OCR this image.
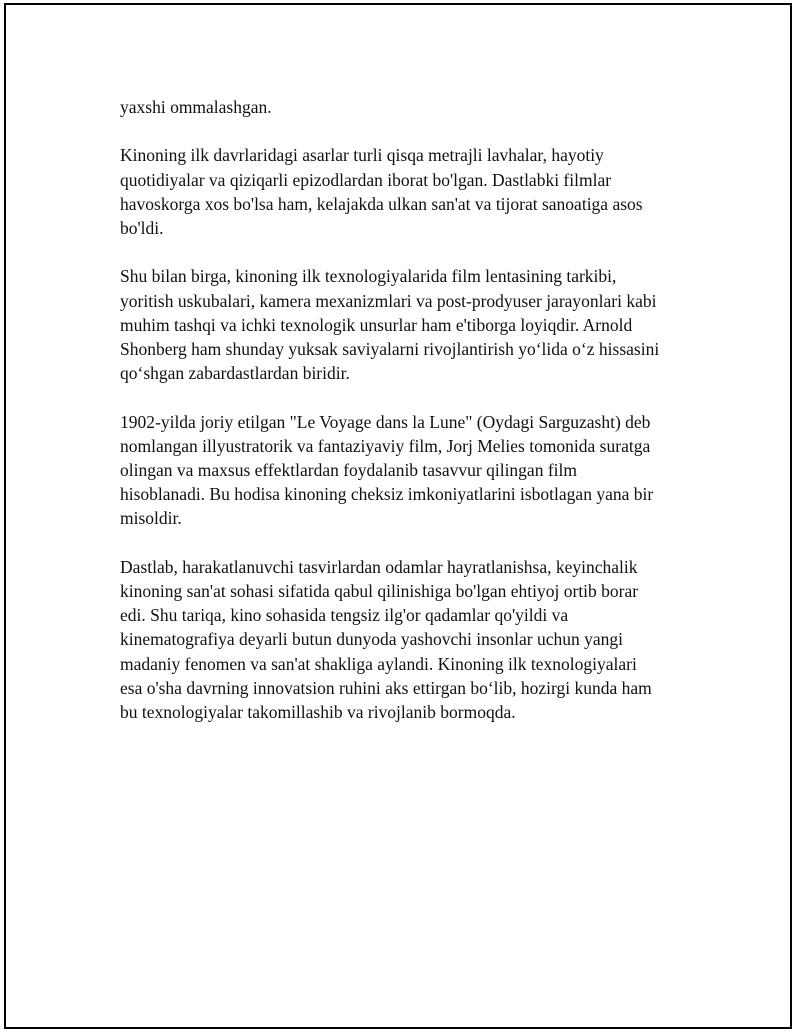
yaxshi ommalashgan.

Kinoning ilk davrlaridagi asarlar turli qisqa metrajli lavhalar, hayotiy
quotidiyalar va qiziqarli epizodlardan iborat bo'lgan. Dastlabki filmlar
havoskorga xos bo'lsa ham, kelajakda ulkan san'at va tijorat sanoatiga asos
bo'ldi.

Shu bilan birga, kinoning ilk texnologiyalarida film lentasining tarkibi,
yoritish uskubalari, kamera mexanizmlari va post-prodyuser jarayonlari kabi
muhim tashqi va ichki texnologik unsurlar ham e'tiborga loyiqdir. Arnold
Shonberg ham shunday yuksak saviyalarni rivojlantirish yo‘lida o‘z hissasini
qo‘shgan zabardastlardan biridir.

1902-yilda joriy etilgan "Le Voyage dans la Lune" (Oydagi Sarguzasht) deb
nomlangan illyustratorik va fantaziyaviy film, Jorj Melies tomonida suratga
olingan va maxsus effektlardan foydalanib tasavvur qilingan film
hisoblanadi. Bu hodisa kinoning cheksiz imkoniyatlarini isbotlagan yana bir
misoldir.

Dastlab, harakatlanuvchi tasvirlardan odamlar hayratlanishsa, keyinchalik
kinoning san'at sohasi sifatida qabul qilinishiga bo'lgan ehtiyoj ortib borar
edi. Shu tariqa, kino sohasida tengsiz ilg'or qadamlar qo'yildi va
kinematografiya deyarli butun dunyoda yashovchi insonlar uchun yangi
madaniy fenomen va san'at shakliga aylandi. Kinoning ilk texnologiyalari
esa o'sha davrning innovatsion ruhini aks ettirgan bo‘lib, hozirgi kunda ham
bu texnologiyalar takomillashib va rivojlanib bormoqda.
